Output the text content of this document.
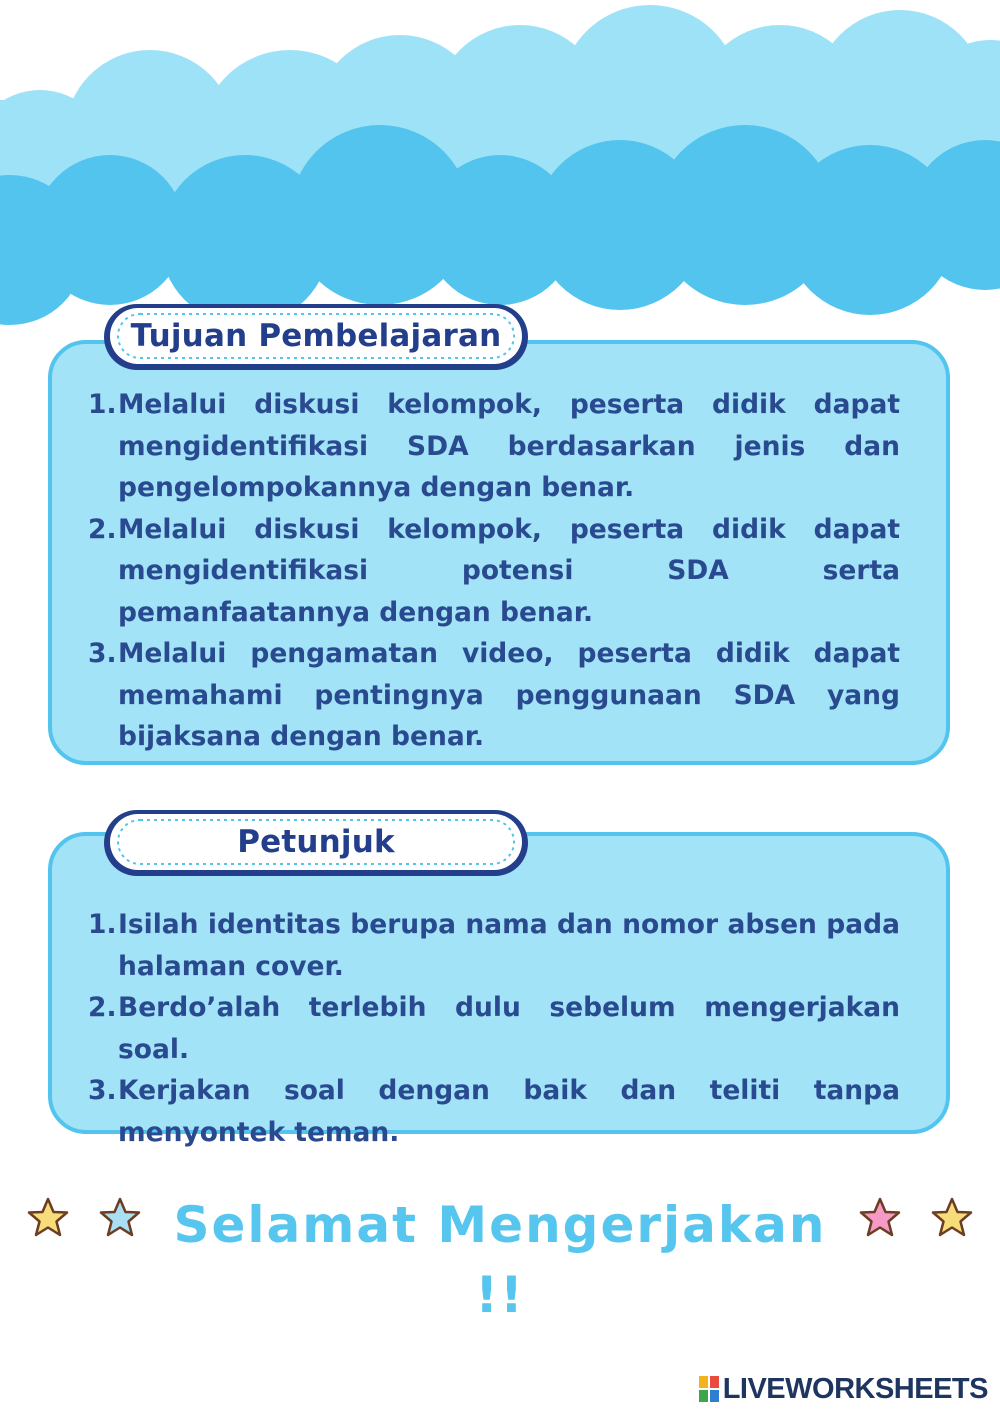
Tujuan Pembelajaran
1. Melalui diskusi kelompok, peserta didik dapat mengidentifikasi SDA berdasarkan jenis dan pengelompokannya dengan benar.
2. Melalui diskusi kelompok, peserta didik dapat mengidentifikasi potensi SDA serta pemanfaatannya dengan benar.
3. Melalui pengamatan video, peserta didik dapat memahami pentingnya penggunaan SDA yang bijaksana dengan benar.
Petunjuk
1. Isilah identitas berupa nama dan nomor absen pada halaman cover.
2. Berdo’alah terlebih dulu sebelum mengerjakan soal.
3. Kerjakan soal dengan baik dan teliti tanpa menyontek teman.
Selamat Mengerjakan !!
LIVEWORKSHEETS
